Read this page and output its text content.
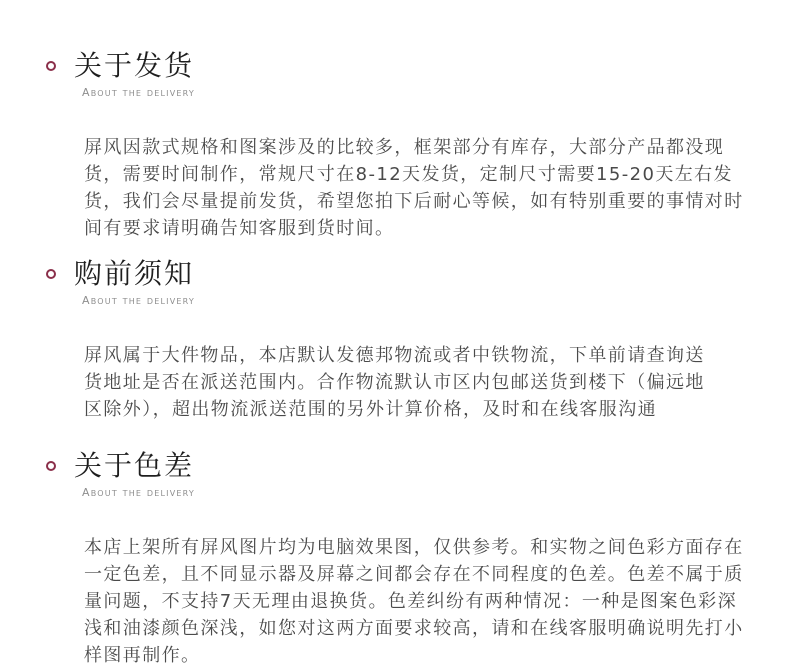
关于发货
About the delivery

屏风因款式规格和图案涉及的比较多，框架部分有库存，大部分产品都没现货，需要时间制作，常规尺寸在8-12天发货，定制尺寸需要15-20天左右发货，我们会尽量提前发货，希望您拍下后耐心等候，如有特别重要的事情对时间有要求请明确告知客服到货时间。

购前须知
About the delivery

屏风属于大件物品，本店默认发德邦物流或者中铁物流，下单前请查询送货地址是否在派送范围内。合作物流默认市区内包邮送货到楼下（偏远地区除外），超出物流派送范围的另外计算价格，及时和在线客服沟通

关于色差
About the delivery

本店上架所有屏风图片均为电脑效果图，仅供参考。和实物之间色彩方面存在一定色差，且不同显示器及屏幕之间都会存在不同程度的色差。色差不属于质量问题，不支持7天无理由退换货。色差纠纷有两种情况：一种是图案色彩深浅和油漆颜色深浅，如您对这两方面要求较高，请和在线客服明确说明先打小样图再制作。
